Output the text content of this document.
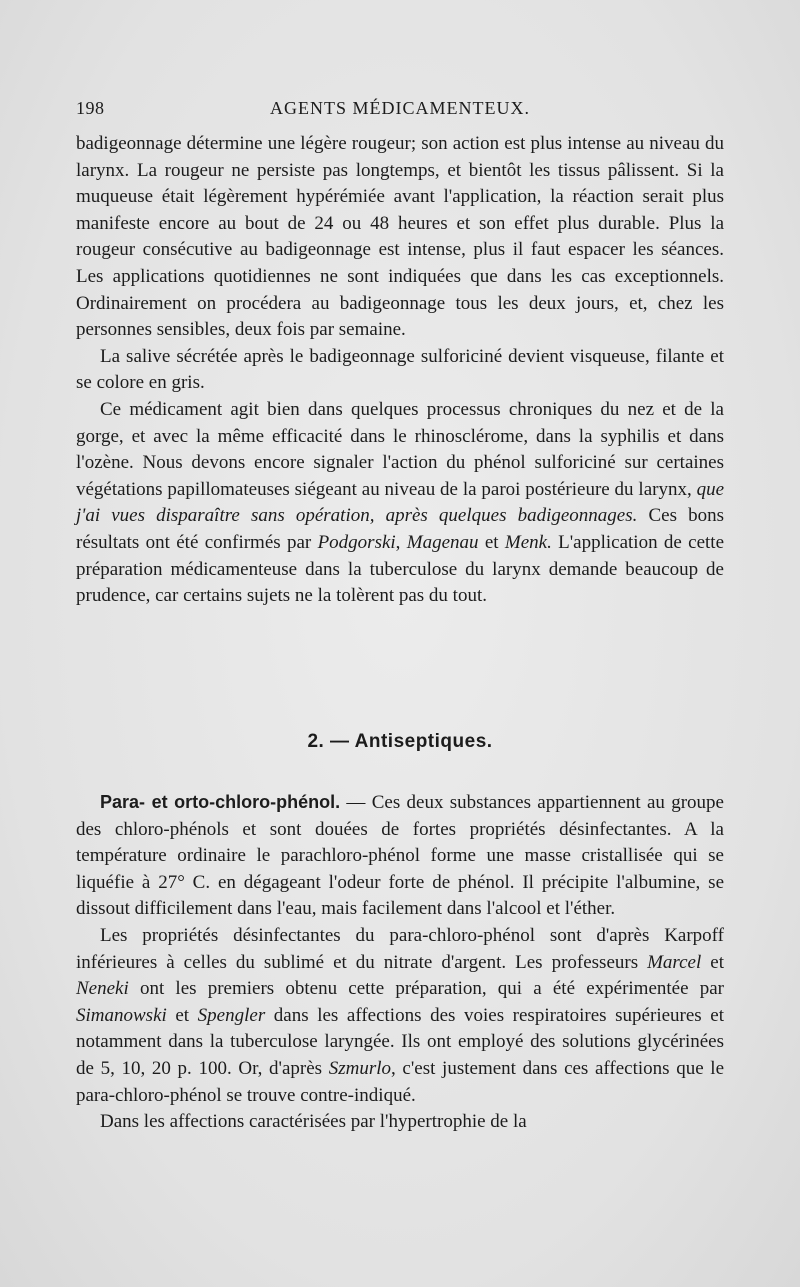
198	AGENTS MÉDICAMENTEUX.

badigeonnage détermine une légère rougeur; son action est plus intense au niveau du larynx. La rougeur ne persiste pas longtemps, et bientôt les tissus pâlissent. Si la muqueuse était légèrement hypérémiée avant l'application, la réaction serait plus manifeste encore au bout de 24 ou 48 heures et son effet plus durable. Plus la rougeur consécutive au badigeonnage est intense, plus il faut espacer les séances. Les applications quotidiennes ne sont indiquées que dans les cas exceptionnels. Ordinairement on procédera au badigeonnage tous les deux jours, et, chez les personnes sensibles, deux fois par semaine.

La salive sécrétée après le badigeonnage sulforiciné devient visqueuse, filante et se colore en gris.

Ce médicament agit bien dans quelques processus chroniques du nez et de la gorge, et avec la même efficacité dans le rhinosclérome, dans la syphilis et dans l'ozène. Nous devons encore signaler l'action du phénol sulforiciné sur certaines végétations papillomateuses siégeant au niveau de la paroi postérieure du larynx, que j'ai vues disparaître sans opération, après quelques badigeonnages. Ces bons résultats ont été confirmés par Podgorski, Magenau et Menk. L'application de cette préparation médicamenteuse dans la tuberculose du larynx demande beaucoup de prudence, car certains sujets ne la tolèrent pas du tout.

2. — Antiseptiques.

Para- et orto-chloro-phénol. — Ces deux substances appartiennent au groupe des chloro-phénols et sont douées de fortes propriétés désinfectantes. A la température ordinaire le parachloro-phénol forme une masse cristallisée qui se liquéfie à 27° C. en dégageant l'odeur forte de phénol. Il précipite l'albumine, se dissout difficilement dans l'eau, mais facilement dans l'alcool et l'éther.

Les propriétés désinfectantes du para-chloro-phénol sont d'après Karpoff inférieures à celles du sublimé et du nitrate d'argent. Les professeurs Marcel et Neneki ont les premiers obtenu cette préparation, qui a été expérimentée par Simanowski et Spengler dans les affections des voies respiratoires supérieures et notamment dans la tuberculose laryngée. Ils ont employé des solutions glycérinées de 5, 10, 20 p. 100. Or, d'après Szmurlo, c'est justement dans ces affections que le para-chloro-phénol se trouve contre-indiqué.

Dans les affections caractérisées par l'hypertrophie de la
